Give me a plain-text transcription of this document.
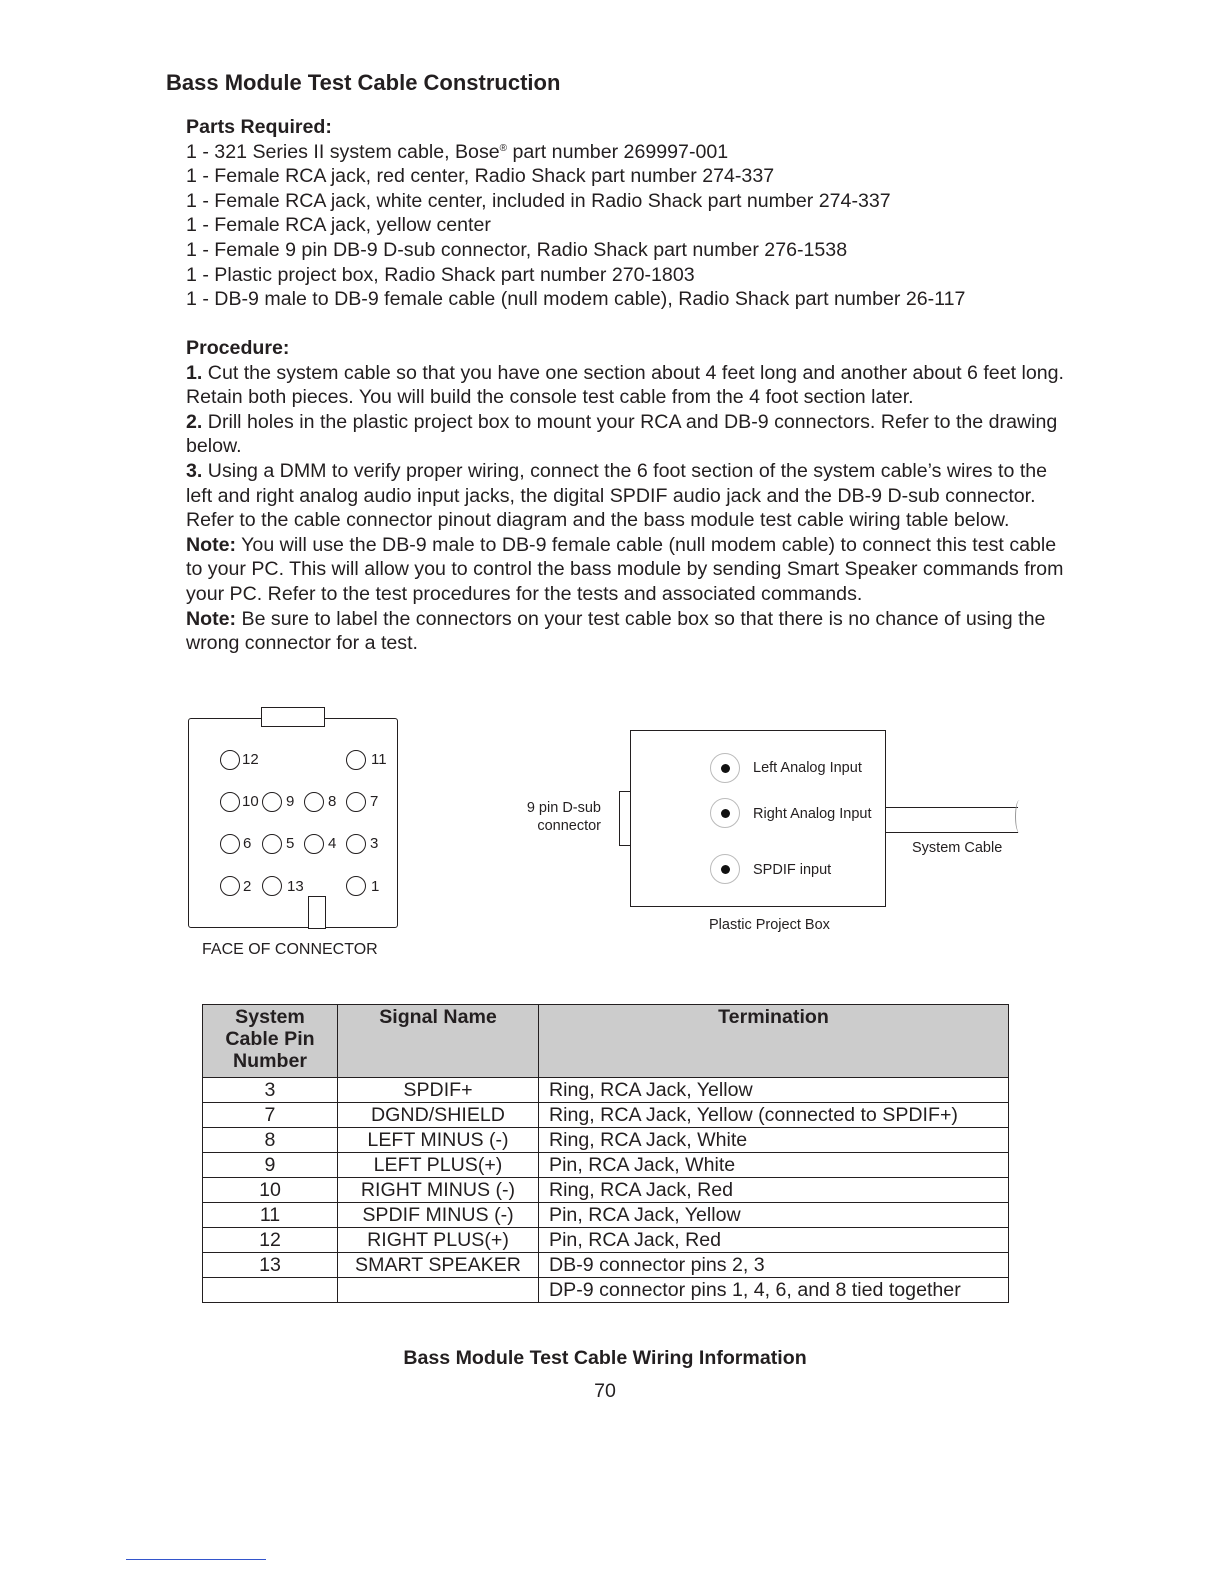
Bass Module Test Cable Construction
Parts Required:
1 - 321 Series II system cable, Bose® part number 269997-001
1 - Female RCA jack, red center, Radio Shack part number 274-337
1 - Female RCA jack, white center, included in Radio Shack part number 274-337
1 - Female RCA jack, yellow center
1 - Female 9 pin DB-9 D-sub connector, Radio Shack part number 276-1538
1 - Plastic project box, Radio Shack part number 270-1803
1 - DB-9 male to DB-9 female cable (null modem cable), Radio Shack part number 26-117
Procedure:
1. Cut the system cable so that you have one section about 4 feet long and another about 6 feet long. Retain both pieces. You will build the console test cable from the 4 foot section later.
2. Drill holes in the plastic project box to mount your RCA and DB-9 connectors. Refer to the drawing below.
3. Using a DMM to verify proper wiring, connect the 6 foot section of the system cable’s wires to the left and right analog audio input jacks, the digital SPDIF audio jack and the DB-9 D-sub connector. Refer to the cable connector pinout diagram and the bass module test cable wiring table below.
Note: You will use the DB-9 male to DB-9 female cable (null modem cable) to connect this test cable to your PC. This will allow you to control the bass module by sending Smart Speaker commands from your PC. Refer to the test procedures for the tests and associated commands.
Note: Be sure to label the connectors on your test cable box so that there is no chance of using the wrong connector for a test.
12	11
10 9 8 7
6 5 4 3
2 13	1
FACE OF CONNECTOR
9 pin D-sub
connector
Left Analog Input
Right Analog Input
SPDIF input
System Cable
Plastic Project Box
System Cable Pin Number	Signal Name	Termination
3	SPDIF+	Ring, RCA Jack, Yellow
7	DGND/SHIELD	Ring, RCA Jack, Yellow (connected to SPDIF+)
8	LEFT MINUS (-)	Ring, RCA Jack, White
9	LEFT PLUS(+)	Pin, RCA Jack, White
10	RIGHT MINUS (-)	Ring, RCA Jack, Red
11	SPDIF MINUS (-)	Pin, RCA Jack, Yellow
12	RIGHT PLUS(+)	Pin, RCA Jack, Red
13	SMART SPEAKER	DB-9 connector pins 2, 3
		DP-9 connector pins 1, 4, 6, and 8 tied together
Bass Module Test Cable Wiring Information
70
